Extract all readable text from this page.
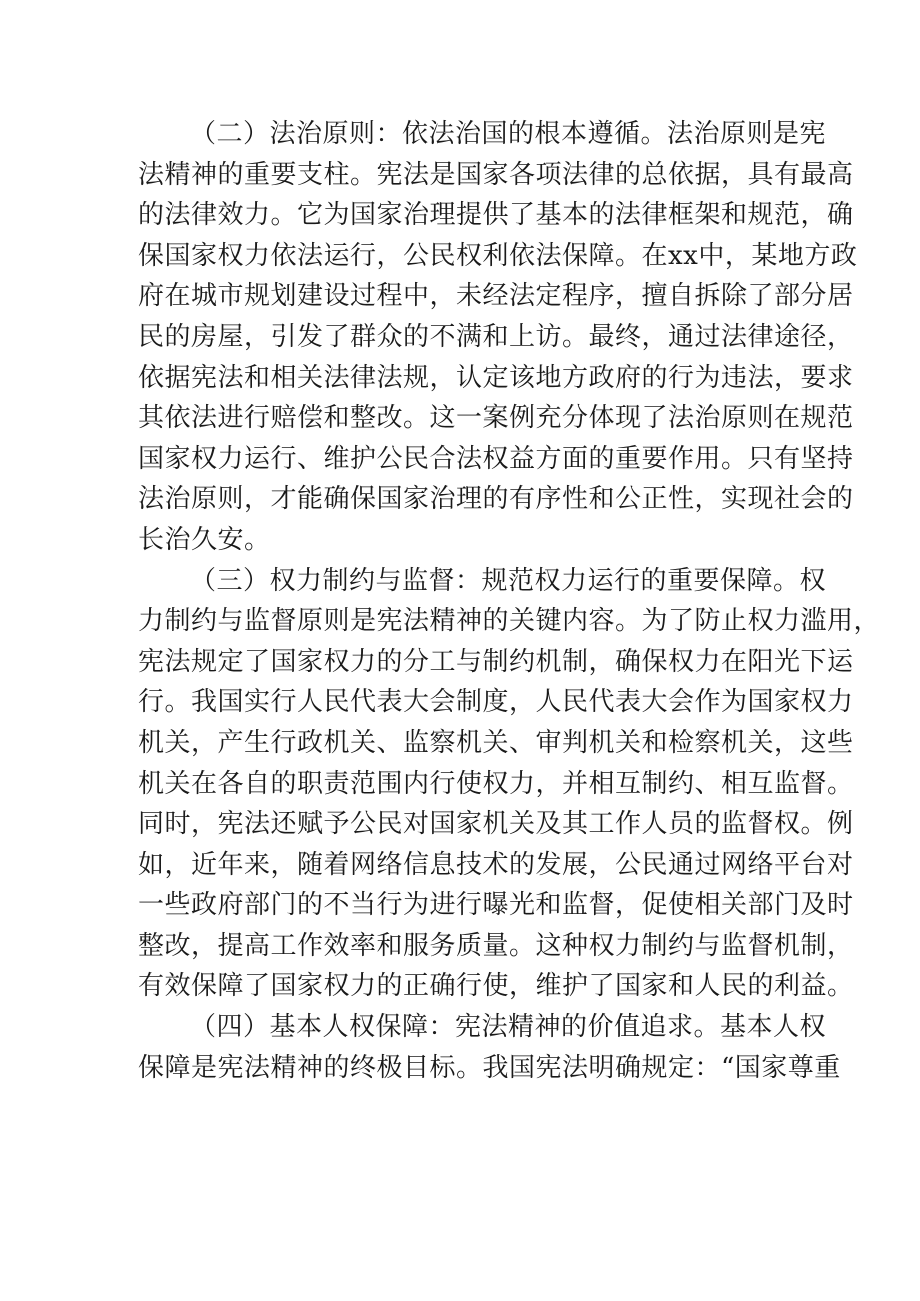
（二）法治原则：依法治国的根本遵循。法治原则是宪
法精神的重要支柱。宪法是国家各项法律的总依据，具有最高
的法律效力。它为国家治理提供了基本的法律框架和规范，确
保国家权力依法运行，公民权利依法保障。在xx中，某地方政
府在城市规划建设过程中，未经法定程序，擅自拆除了部分居
民的房屋，引发了群众的不满和上访。最终，通过法律途径，
依据宪法和相关法律法规，认定该地方政府的行为违法，要求
其依法进行赔偿和整改。这一案例充分体现了法治原则在规范
国家权力运行、维护公民合法权益方面的重要作用。只有坚持
法治原则，才能确保国家治理的有序性和公正性，实现社会的
长治久安。
（三）权力制约与监督：规范权力运行的重要保障。权
力制约与监督原则是宪法精神的关键内容。为了防止权力滥用，
宪法规定了国家权力的分工与制约机制，确保权力在阳光下运
行。我国实行人民代表大会制度，人民代表大会作为国家权力
机关，产生行政机关、监察机关、审判机关和检察机关，这些
机关在各自的职责范围内行使权力，并相互制约、相互监督。
同时，宪法还赋予公民对国家机关及其工作人员的监督权。例
如，近年来，随着网络信息技术的发展，公民通过网络平台对
一些政府部门的不当行为进行曝光和监督，促使相关部门及时
整改，提高工作效率和服务质量。这种权力制约与监督机制，
有效保障了国家权力的正确行使，维护了国家和人民的利益。
（四）基本人权保障：宪法精神的价值追求。基本人权
保障是宪法精神的终极目标。我国宪法明确规定：“国家尊重
